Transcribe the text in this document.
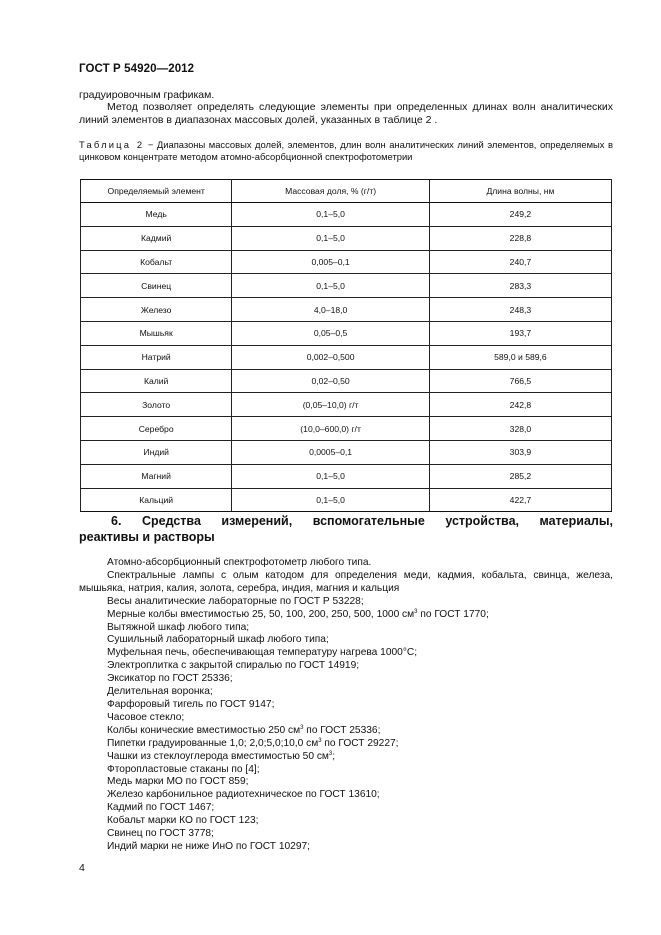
ГОСТ Р 54920—2012
градуировочным графикам.
Метод позволяет определять следующие элементы при определенных длинах волн аналитических линий элементов в диапазонах массовых долей, указанных в таблице 2 .
Таблица 2 − Диапазоны массовых долей, элементов, длин волн аналитических линий элементов, определяемых в цинковом концентрате методом атомно-абсорбционной спектрофотометрии
Определяемый элемент	Массовая доля, % (г/т)	Длина волны, нм
Медь	0,1–5,0	249,2
Кадмий	0,1–5,0	228,8
Кобальт	0,005–0,1	240,7
Свинец	0,1–5,0	283,3
Железо	4,0–18,0	248,3
Мышьяк	0,05–0,5	193,7
Натрий	0,002–0,500	589,0 и 589,6
Калий	0,02–0,50	766,5
Золото	(0,05–10,0) г/т	242,8
Серебро	(10,0–600,0) г/т	328,0
Индий	0,0005–0,1	303,9
Магний	0,1–5,0	285,2
Кальций	0,1–5,0	422,7
6. Средства измерений, вспомогательные устройства, материалы,
реактивы и растворы
Атомно-абсорбционный спектрофотометр любого типа.
Спектральные лампы с олым катодом для определения меди, кадмия, кобальта, свинца, железа, мышьяка, натрия, калия, золота, серебра, индия, магния и кальция
Весы аналитические лабораторные по ГОСТ Р 53228;
Мерные колбы вместимостью 25, 50, 100, 200, 250, 500, 1000 $см^3$ по ГОСТ 1770;
Вытяжной шкаф любого типа;
Сушильный лабораторный шкаф любого типа;
Муфельная печь, обеспечивающая температуру нагрева 1000°С;
Электроплитка с закрытой спиралью по ГОСТ 14919;
Эксикатор по ГОСТ 25336;
Делительная воронка;
Фарфоровый тигель по ГОСТ 9147;
Часовое стекло;
Колбы конические вместимостью 250 $см^3$ по ГОСТ 25336;
Пипетки градуированные 1,0; 2,0;5,0;10,0 $см^3$ по ГОСТ 29227;
Чашки из стеклоуглерода вместимостью 50 $см^3$;
Фторопластовые стаканы по [4];
Медь марки МО по ГОСТ 859;
Железо карбонильное радиотехническое по ГОСТ 13610;
Кадмий по ГОСТ 1467;
Кобальт марки КО по ГОСТ 123;
Свинец по ГОСТ 3778;
Индий марки не ниже ИнО по ГОСТ 10297;
4
